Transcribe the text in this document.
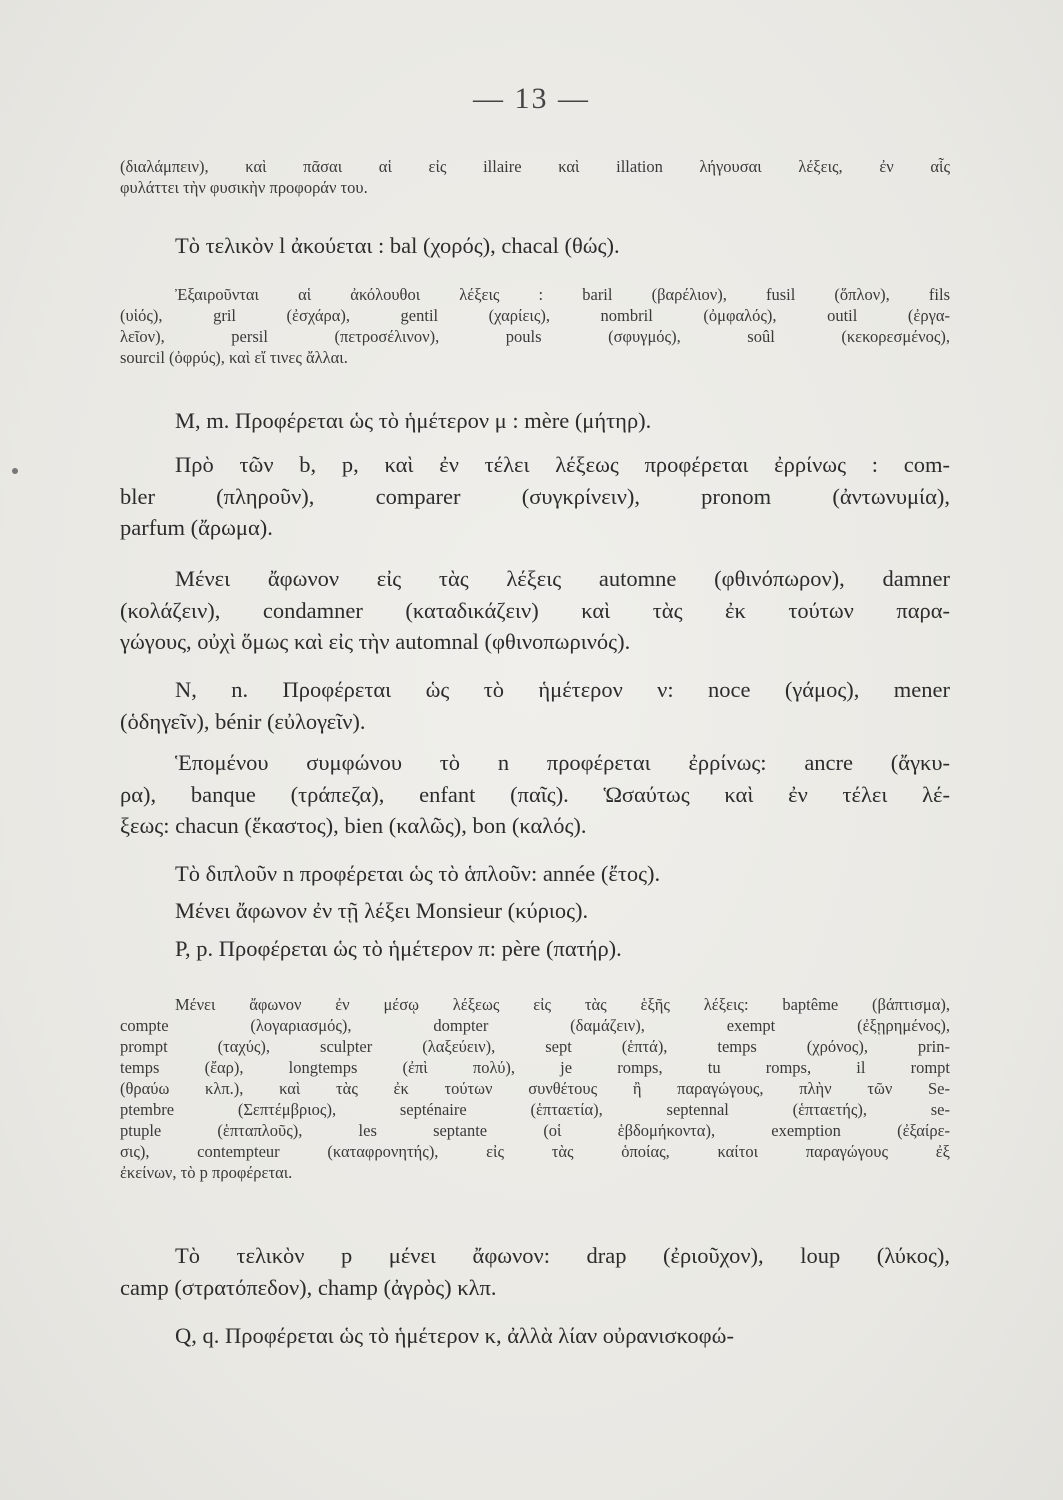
— 13 —
(διαλάμπειν), καὶ πᾶσαι αἱ εἰς illaire καὶ illation λήγουσαι λέξεις, ἐν αἷς
φυλάττει τὴν φυσικὴν προφοράν του.
Τὸ τελικὸν l ἀκούεται : bal (χορός), chacal (θώς).
Ἐξαιροῦνται αἱ ἀκόλουθοι λέξεις : baril (βαρέλιον), fusil (ὅπλον), fils
(υἱός), gril (ἐσχάρα), gentil (χαρίεις), nombril (ὀμφαλός), outil (ἐργα-
λεῖον), persil (πετροσέλινον), pouls (σφυγμός), soûl (κεκορεσμένος),
sourcil (ὀφρύς), καὶ εἴ τινες ἄλλαι.
M, m. Προφέρεται ὡς τὸ ἡμέτερον μ : mère (μήτηρ).
Πρὸ τῶν b, p, καὶ ἐν τέλει λέξεως προφέρεται ἐρρίνως : com-
bler (πληροῦν), comparer (συγκρίνειν), pronom (ἀντωνυμία),
parfum (ἄρωμα).
Μένει ἄφωνον εἰς τὰς λέξεις automne (φθινόπωρον), damner
(κολάζειν), condamner (καταδικάζειν) καὶ τὰς ἐκ τούτων παρα-
γώγους, οὐχὶ ὅμως καὶ εἰς τὴν automnal (φθινοπωρινός).
N, n. Προφέρεται ὡς τὸ ἡμέτερον ν: noce (γάμος), mener
(ὁδηγεῖν), bénir (εὐλογεῖν).
Ἑπομένου συμφώνου τὸ n προφέρεται ἐρρίνως: ancre (ἄγκυ-
ρα), banque (τράπεζα), enfant (παῖς). Ὡσαύτως καὶ ἐν τέλει λέ-
ξεως: chacun (ἕκαστος), bien (καλῶς), bon (καλός).
Τὸ διπλοῦν n προφέρεται ὡς τὸ ἁπλοῦν: année (ἔτος).
Μένει ἄφωνον ἐν τῇ λέξει Monsieur (κύριος).
P, p. Προφέρεται ὡς τὸ ἡμέτερον π: père (πατήρ).
Μένει ἄφωνον ἐν μέσῳ λέξεως εἰς τὰς ἑξῆς λέξεις: baptême (βάπτισμα),
compte (λογαριασμός), dompter (δαμάζειν), exempt (ἐξῃρημένος),
prompt (ταχύς), sculpter (λαξεύειν), sept (ἑπτά), temps (χρόνος), prin-
temps (ἔαρ), longtemps (ἐπὶ πολύ), je romps, tu romps, il rompt
(θραύω κλπ.), καὶ τὰς ἐκ τούτων συνθέτους ἢ παραγώγους, πλὴν τῶν Se-
ptembre (Σεπτέμβριος), septénaire (ἑπταετία), septennal (ἑπταετής), se-
ptuple (ἑπταπλοῦς), les septante (οἱ ἑβδομήκοντα), exemption (ἐξαίρε-
σις), contempteur (καταφρονητής), εἰς τὰς ὁποίας, καίτοι παραγώγους ἐξ
ἐκείνων, τὸ p προφέρεται.
Τὸ τελικὸν p μένει ἄφωνον: drap (ἐριοῦχον), loup (λύκος),
camp (στρατόπεδον), champ (ἀγρὸς) κλπ.
Q, q. Προφέρεται ὡς τὸ ἡμέτερον κ, ἀλλὰ λίαν οὐρανισκοφώ-
